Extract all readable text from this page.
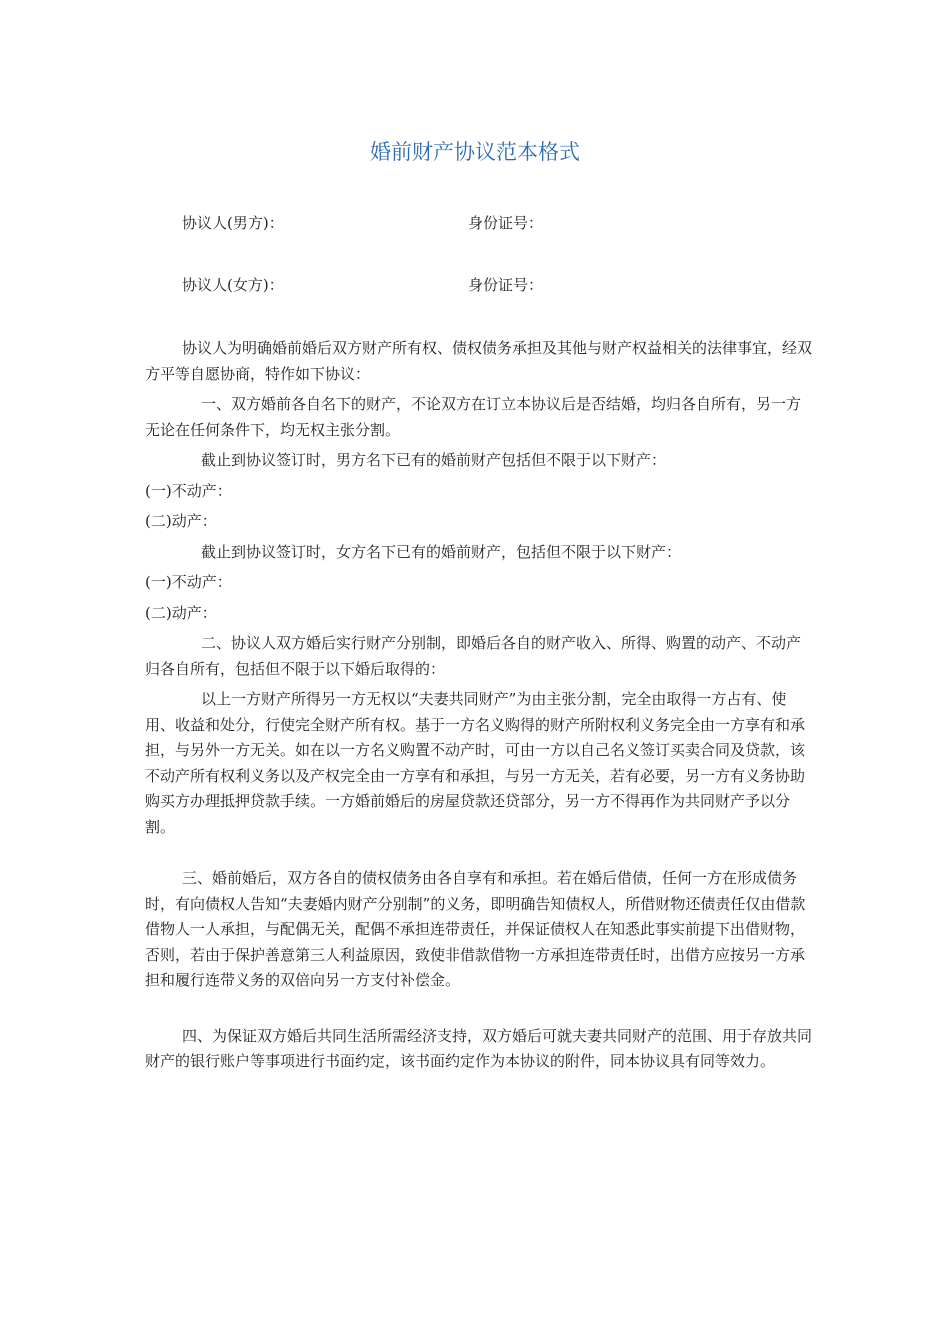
婚前财产协议范本格式
协议人(男方)：	身份证号：
协议人(女方)：	身份证号：

协议人为明确婚前婚后双方财产所有权、债权债务承担及其他与财产权益相关的法律事宜，经双方平等自愿协商，特作如下协议：

一、双方婚前各自名下的财产，不论双方在订立本协议后是否结婚，均归各自所有，另一方无论在任何条件下，均无权主张分割。

截止到协议签订时，男方名下已有的婚前财产包括但不限于以下财产：

(一)不动产：

(二)动产：

截止到协议签订时，女方名下已有的婚前财产，包括但不限于以下财产：

(一)不动产：

(二)动产：

二、协议人双方婚后实行财产分别制，即婚后各自的财产收入、所得、购置的动产、不动产归各自所有，包括但不限于以下婚后取得的：

以上一方财产所得另一方无权以“夫妻共同财产”为由主张分割，完全由取得一方占有、使用、收益和处分，行使完全财产所有权。基于一方名义购得的财产所附权利义务完全由一方享有和承担，与另外一方无关。如在以一方名义购置不动产时，可由一方以自己名义签订买卖合同及贷款，该不动产所有权利义务以及产权完全由一方享有和承担，与另一方无关，若有必要，另一方有义务协助购买方办理抵押贷款手续。一方婚前婚后的房屋贷款还贷部分，另一方不得再作为共同财产予以分割。

三、婚前婚后，双方各自的债权债务由各自享有和承担。若在婚后借债，任何一方在形成债务时，有向债权人告知“夫妻婚内财产分别制”的义务，即明确告知债权人，所借财物还债责任仅由借款借物人一人承担，与配偶无关，配偶不承担连带责任，并保证债权人在知悉此事实前提下出借财物，否则，若由于保护善意第三人利益原因，致使非借款借物一方承担连带责任时，出借方应按另一方承担和履行连带义务的双倍向另一方支付补偿金。

四、为保证双方婚后共同生活所需经济支持，双方婚后可就夫妻共同财产的范围、用于存放共同财产的银行账户等事项进行书面约定，该书面约定作为本协议的附件，同本协议具有同等效力。
